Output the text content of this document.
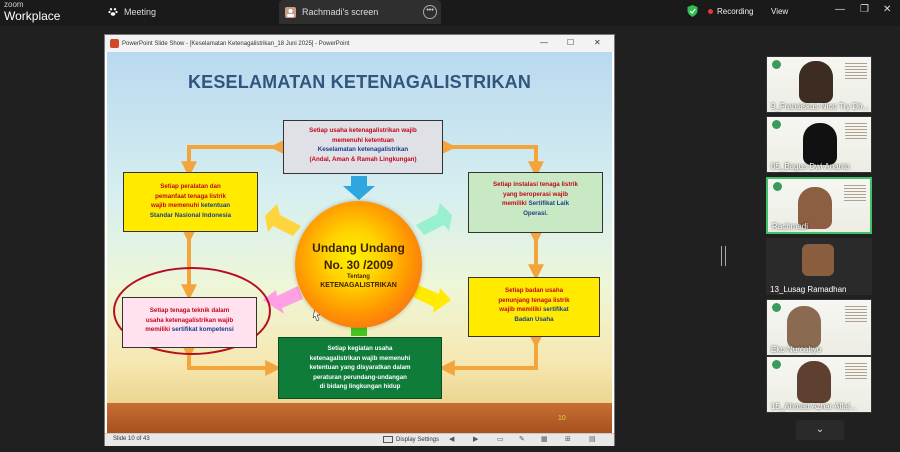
zoom
Workplace	Meeting	Rachmadi's screen	•••	Recording View	— ❐ ✕
PowerPoint Slide Show - [Keselamatan Ketenagalistrikan_18 Juni 2025] - PowerPoint	— ☐ ✕
KESELAMATAN KETENAGALISTRIKAN
Setiap usaha ketenagalistrikan wajib
memenuhi ketentuan
Keselamatan ketenagalistrikan
(Andal, Aman & Ramah Lingkungan)
Setiap peralatan dan
pemanfaat tenaga listrik
wajib memenuhi ketentuan
Standar Nasional Indonesia
Setiap instalasi tenaga listrik
yang beroperasi wajib
memiliki Sertifikat Laik
Operasi.
Setiap tenaga teknik dalam
usaha ketenagalistrikan wajib
memiliki sertifikat kompetensi
Setiap badan usaha
penunjang tenaga listrik
wajib memiliki sertifikat
Badan Usaha
Setiap kegiatan usaha
ketenagalistrikan wajib memenuhi
ketentuan yang disyaratkan dalam
peraturan perundang-undangan
di bidang lingkungan hidup
Undang Undang
No. 30 /2009
Tentang
KETENAGALISTRIKAN
10
Slide 10 of 43	Display Settings ◀	▶	▭ ✎ ▦ ⊞	▤
9_Fransiskus Nico Try Dh...
05_Bagus Dwi Ananto
Rachmadi
13_Lusag Ramadhan
Eko Nurcahyo
15_Ahmad Azhar Alfal...
⌄
